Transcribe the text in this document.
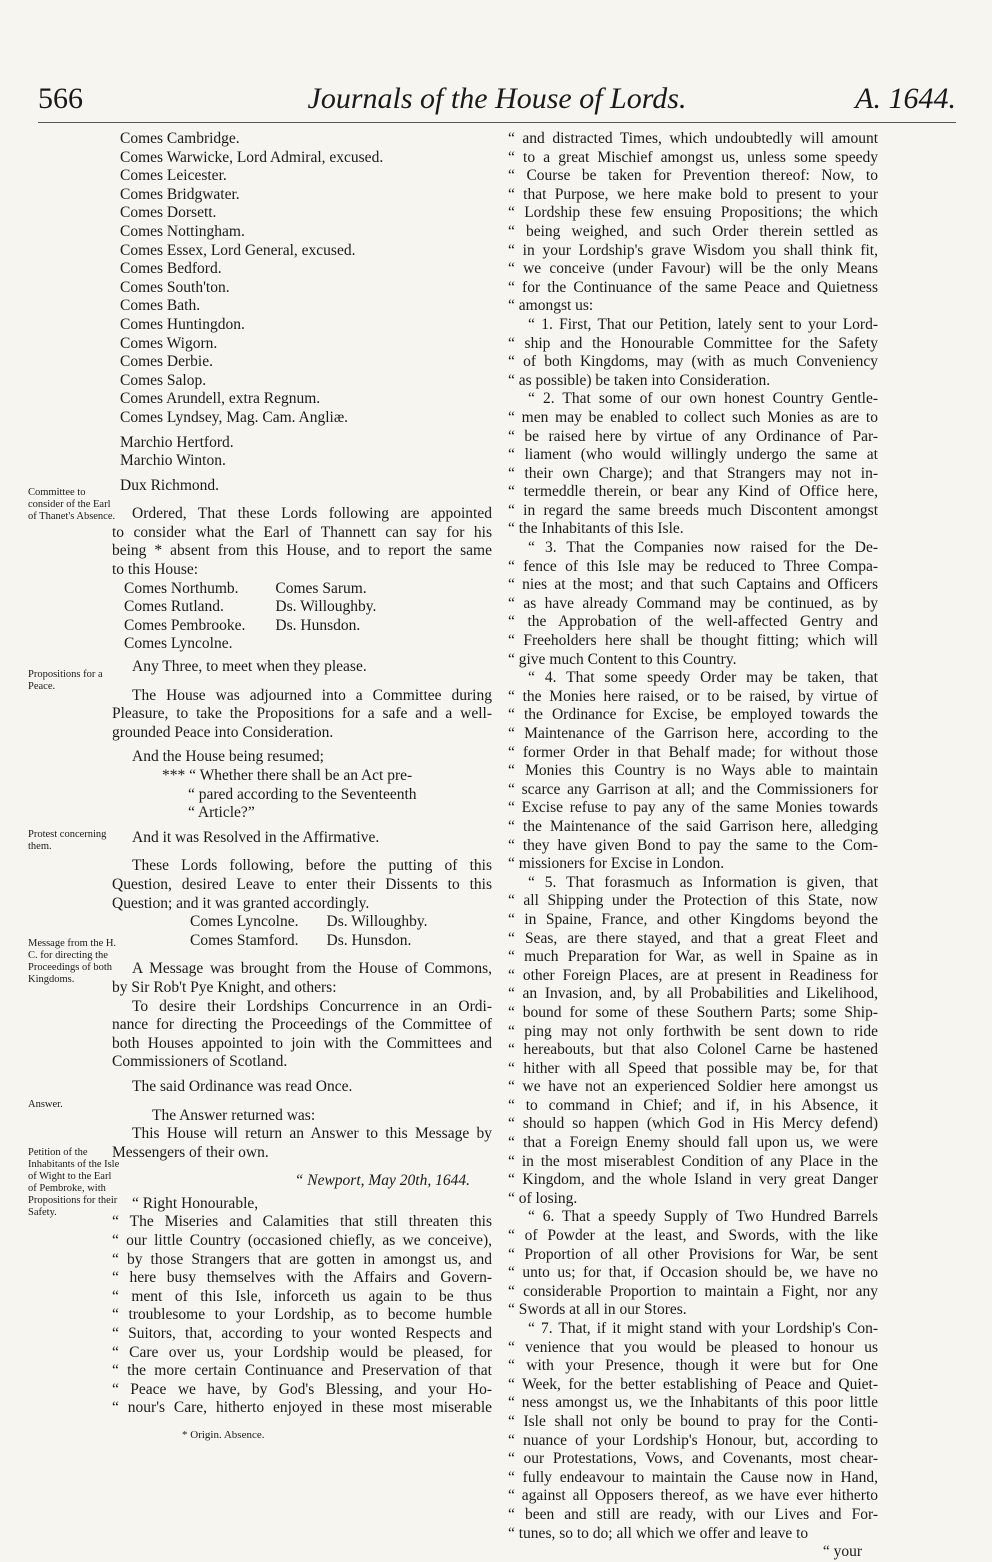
566	Journals of the House of Lords.	A. 1644.
Committee to consider of the Earl of Thanet's Absence.
Propositions for a Peace.
Protest concerning them.
Message from the H. C. for directing the Proceedings of both Kingdoms.
Answer.
Petition of the Inhabitants of the Isle of Wight to the Earl of Pembroke, with Propositions for their Safety.
Comes Cambridge.
Comes Warwicke, Lord Admiral, excused.
Comes Leicester.
Comes Bridgwater.
Comes Dorsett.
Comes Nottingham.
Comes Essex, Lord General, excused.
Comes Bedford.
Comes South'ton.
Comes Bath.
Comes Huntingdon.
Comes Wigorn.
Comes Derbie.
Comes Salop.
Comes Arundell, extra Regnum.
Comes Lyndsey, Mag. Cam. Angliæ.
Marchio Hertford.
Marchio Winton.
Dux Richmond.
Ordered, That these Lords following are appointed
to consider what the Earl of Thannett can say for his
being * absent from this House, and to report the same
to this House:
Comes Northumb.
Comes Rutland.
Comes Pembrooke.
Comes Lyncolne.
Comes Sarum.
Ds. Willoughby.
Ds. Hunsdon.
Any Three, to meet when they please.
The House was adjourned into a Committee during
Pleasure, to take the Propositions for a safe and a well-
grounded Peace into Consideration.
And the House being resumed;
*** “ Whether there shall be an Act pre-
“ pared according to the Seventeenth
“ Article?”
And it was Resolved in the Affirmative.
These Lords following, before the putting of this
Question, desired Leave to enter their Dissents to this
Question; and it was granted accordingly.
Comes Lyncolne.
Comes Stamford.
Ds. Willoughby.
Ds. Hunsdon.
A Message was brought from the House of Commons,
by Sir Rob't Pye Knight, and others:
To desire their Lordships Concurrence in an Ordi-
nance for directing the Proceedings of the Committee of
both Houses appointed to join with the Committees and
Commissioners of Scotland.
The said Ordinance was read Once.
The Answer returned was:
This House will return an Answer to this Message by
Messengers of their own.
“ Newport, May 20th, 1644.
“ Right Honourable,
“ The Miseries and Calamities that still threaten this
“ our little Country (occasioned chiefly, as we conceive),
“ by those Strangers that are gotten in amongst us, and
“ here busy themselves with the Affairs and Govern-
“ ment of this Isle, inforceth us again to be thus
“ troublesome to your Lordship, as to become humble
“ Suitors, that, according to your wonted Respects and
“ Care over us, your Lordship would be pleased, for
“ the more certain Continuance and Preservation of that
“ Peace we have, by God's Blessing, and your Ho-
“ nour's Care, hitherto enjoyed in these most miserable
* Origin. Absence.
“ and distracted Times, which undoubtedly will amount
“ to a great Mischief amongst us, unless some speedy
“ Course be taken for Prevention thereof: Now, to
“ that Purpose, we here make bold to present to your
“ Lordship these few ensuing Propositions; the which
“ being weighed, and such Order therein settled as
“ in your Lordship's grave Wisdom you shall think fit,
“ we conceive (under Favour) will be the only Means
“ for the Continuance of the same Peace and Quietness
“ amongst us:
“ 1. First, That our Petition, lately sent to your Lord-
“ ship and the Honourable Committee for the Safety
“ of both Kingdoms, may (with as much Conveniency
“ as possible) be taken into Consideration.
“ 2. That some of our own honest Country Gentle-
“ men may be enabled to collect such Monies as are to
“ be raised here by virtue of any Ordinance of Par-
“ liament (who would willingly undergo the same at
“ their own Charge); and that Strangers may not in-
“ termeddle therein, or bear any Kind of Office here,
“ in regard the same breeds much Discontent amongst
“ the Inhabitants of this Isle.
“ 3. That the Companies now raised for the De-
“ fence of this Isle may be reduced to Three Compa-
“ nies at the most; and that such Captains and Officers
“ as have already Command may be continued, as by
“ the Approbation of the well-affected Gentry and
“ Freeholders here shall be thought fitting; which will
“ give much Content to this Country.
“ 4. That some speedy Order may be taken, that
“ the Monies here raised, or to be raised, by virtue of
“ the Ordinance for Excise, be employed towards the
“ Maintenance of the Garrison here, according to the
“ former Order in that Behalf made; for without those
“ Monies this Country is no Ways able to maintain
“ scarce any Garrison at all; and the Commissioners for
“ Excise refuse to pay any of the same Monies towards
“ the Maintenance of the said Garrison here, alledging
“ they have given Bond to pay the same to the Com-
“ missioners for Excise in London.
“ 5. That forasmuch as Information is given, that
“ all Shipping under the Protection of this State, now
“ in Spaine, France, and other Kingdoms beyond the
“ Seas, are there stayed, and that a great Fleet and
“ much Preparation for War, as well in Spaine as in
“ other Foreign Places, are at present in Readiness for
“ an Invasion, and, by all Probabilities and Likelihood,
“ bound for some of these Southern Parts; some Ship-
“ ping may not only forthwith be sent down to ride
“ hereabouts, but that also Colonel Carne be hastened
“ hither with all Speed that possible may be, for that
“ we have not an experienced Soldier here amongst us
“ to command in Chief; and if, in his Absence, it
“ should so happen (which God in His Mercy defend)
“ that a Foreign Enemy should fall upon us, we were
“ in the most miserablest Condition of any Place in the
“ Kingdom, and the whole Island in very great Danger
“ of losing.
“ 6. That a speedy Supply of Two Hundred Barrels
“ of Powder at the least, and Swords, with the like
“ Proportion of all other Provisions for War, be sent
“ unto us; for that, if Occasion should be, we have no
“ considerable Proportion to maintain a Fight, nor any
“ Swords at all in our Stores.
“ 7. That, if it might stand with your Lordship's Con-
“ venience that you would be pleased to honour us
“ with your Presence, though it were but for One
“ Week, for the better establishing of Peace and Quiet-
“ ness amongst us, we the Inhabitants of this poor little
“ Isle shall not only be bound to pray for the Conti-
“ nuance of your Lordship's Honour, but, according to
“ our Protestations, Vows, and Covenants, most chear-
“ fully endeavour to maintain the Cause now in Hand,
“ against all Opposers thereof, as we have ever hitherto
“ been and still are ready, with our Lives and For-
“ tunes, so to do; all which we offer and leave to
“ your
